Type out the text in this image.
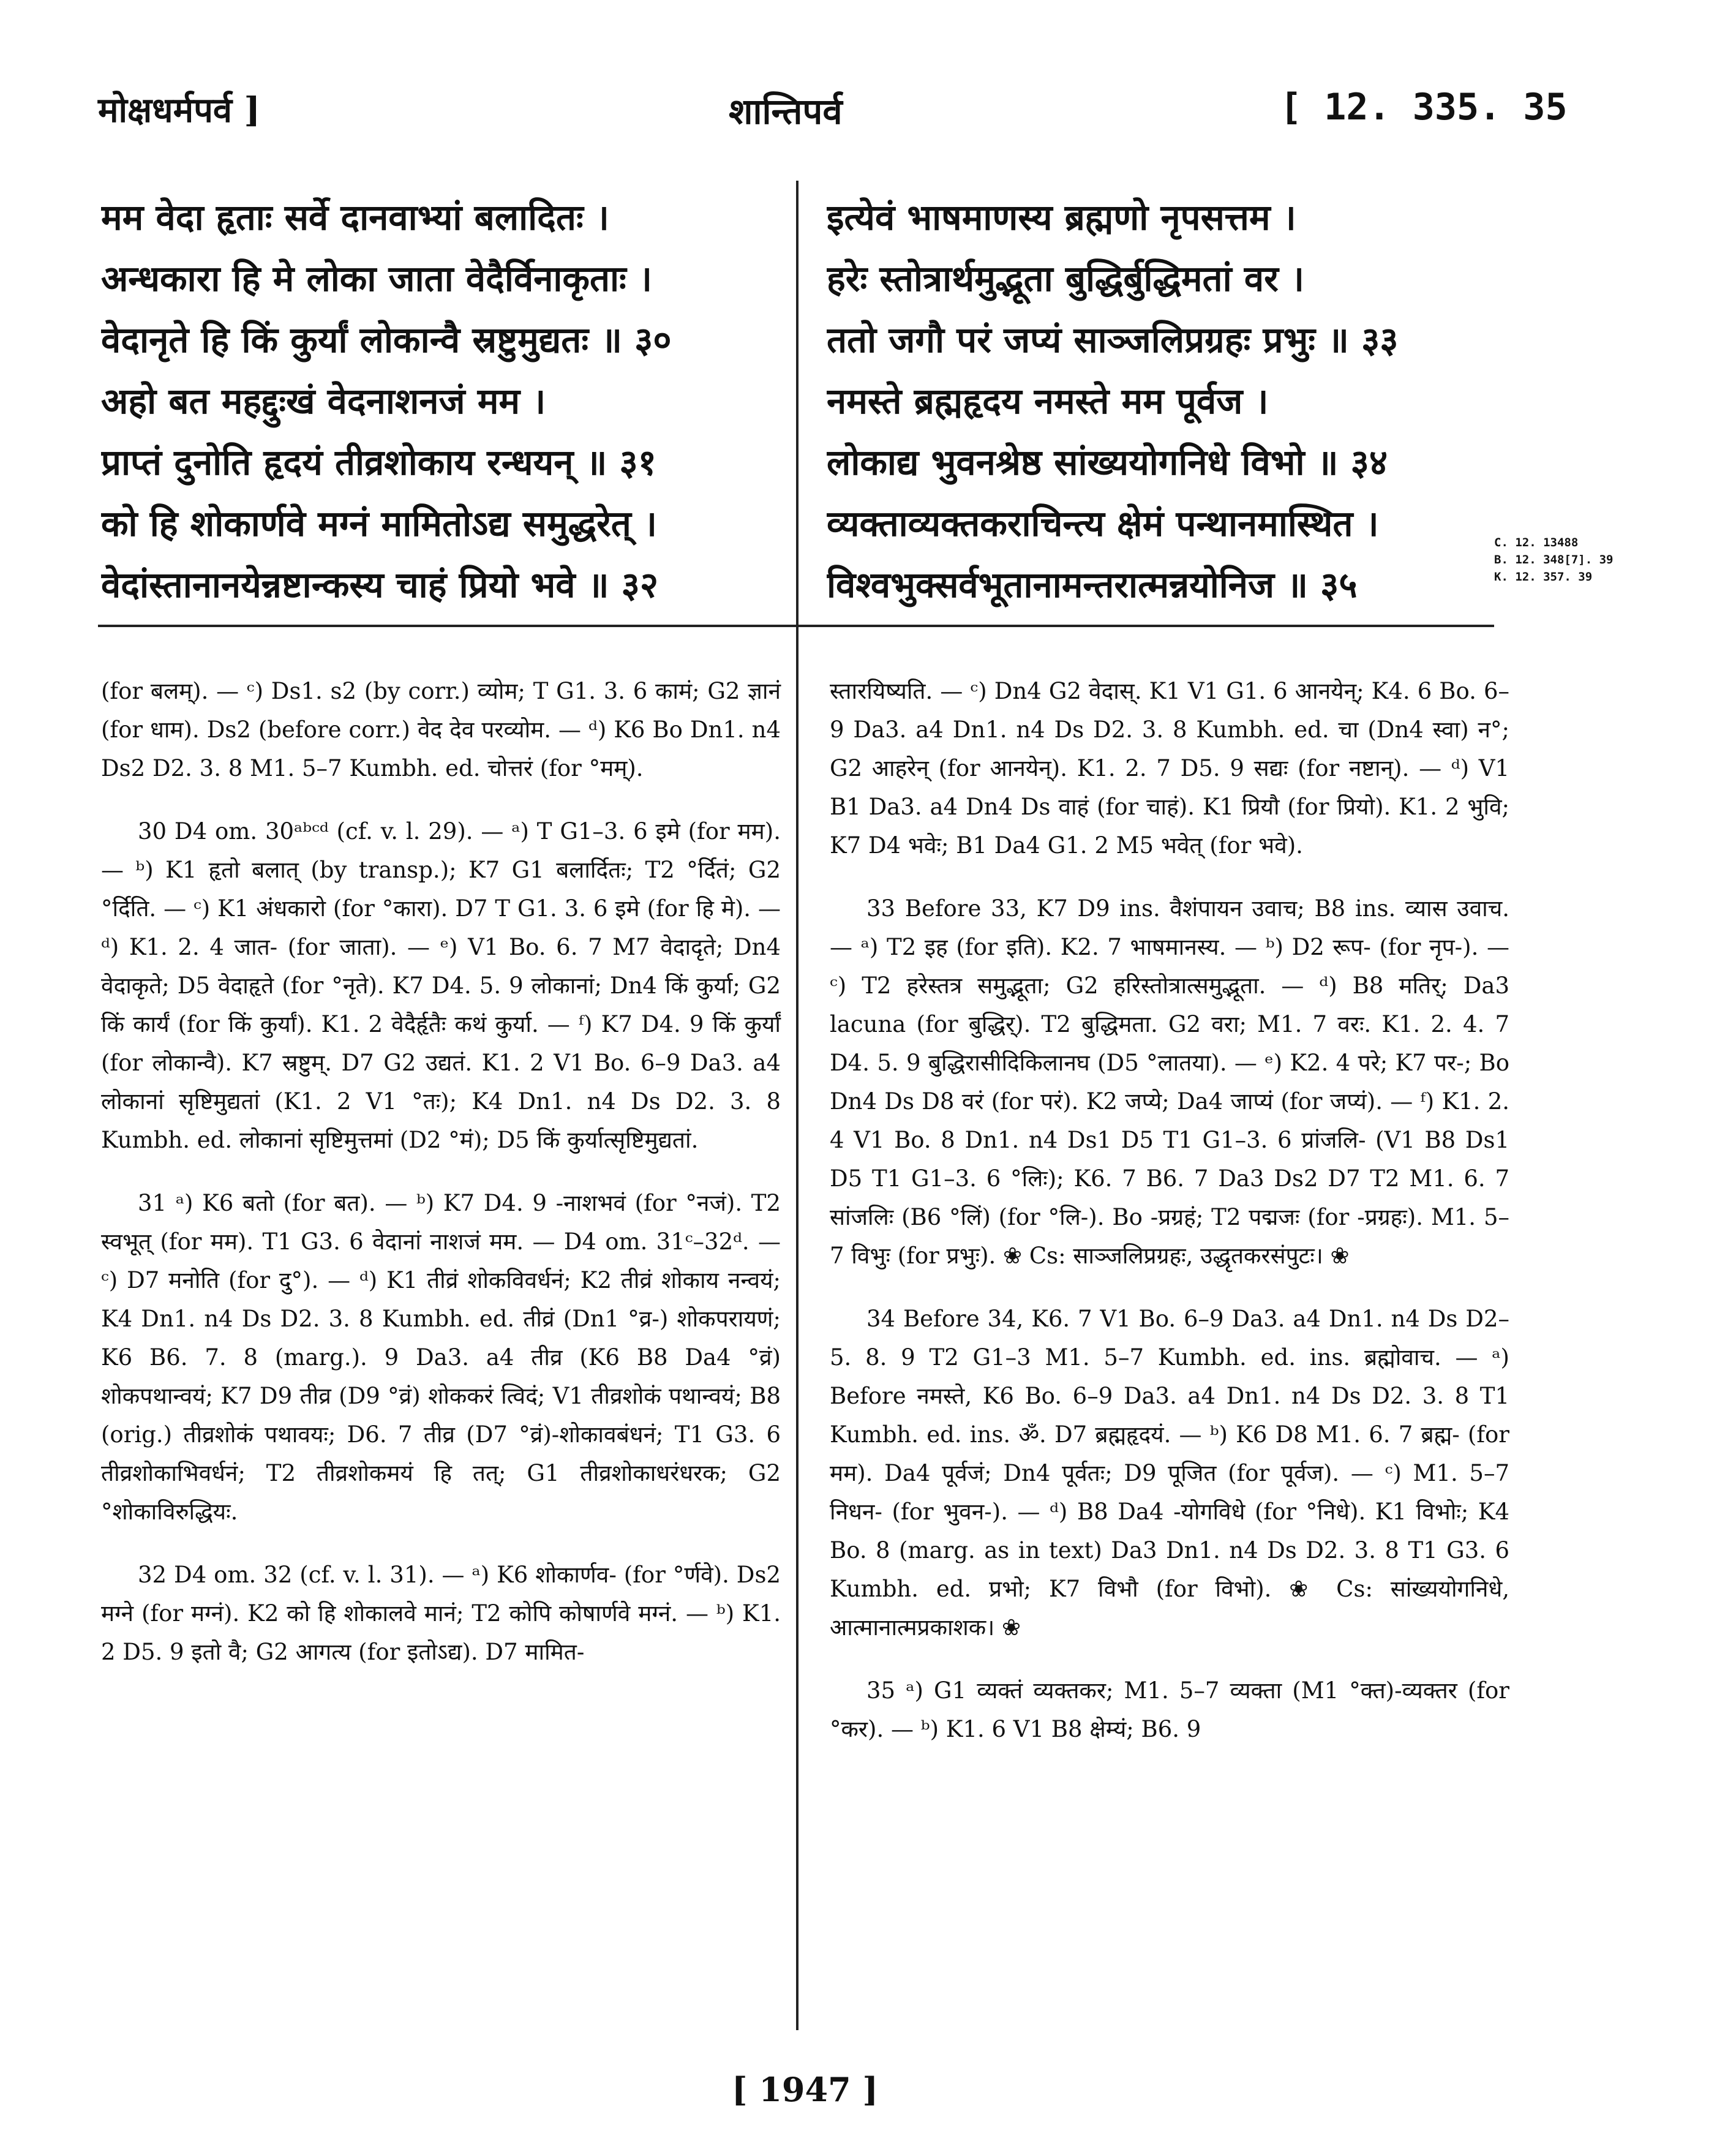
मोक्षधर्मपर्व ]	शान्तिपर्व	[ 12. 335. 35
मम वेदा हृताः सर्वे दानवाभ्यां बलादितः ।
अन्धकारा हि मे लोका जाता वेदैर्विनाकृताः ।
वेदानृते हि किं कुर्यां लोकान्वै स्रष्टुमुद्यतः ॥ ३०
अहो बत महद्दुःखं वेदनाशनजं मम ।
प्राप्तं दुनोति हृदयं तीव्रशोकाय रन्धयन् ॥ ३१
को हि शोकार्णवे मग्नं मामितोऽद्य समुद्धरेत् ।
वेदांस्तानानयेन्नष्टान्कस्य चाहं प्रियो भवे ॥ ३२
इत्येवं भाषमाणस्य ब्रह्मणो नृपसत्तम ।
हरेः स्तोत्रार्थमुद्भूता बुद्धिर्बुद्धिमतां वर ।
ततो जगौ परं जप्यं साञ्जलिप्रग्रहः प्रभुः ॥ ३३
नमस्ते ब्रह्महृदय नमस्ते मम पूर्वज ।
लोकाद्य भुवनश्रेष्ठ सांख्ययोगनिधे विभो ॥ ३४
व्यक्ताव्यक्तकराचिन्त्य क्षेमं पन्थानमास्थित ।
विश्वभुक्सर्वभूतानामन्तरात्मन्नयोनिज ॥ ३५
C. 12. 13488
B. 12. 348[7]. 39
K. 12. 357. 39

(for बलम्). — ᶜ) Ds1. s2 (by corr.) व्योम; T G1. 3. 6 कामं; G2 ज्ञानं (for धाम). Ds2 (before corr.) वेद देव परव्योम. — ᵈ) K6 Bo Dn1. n4 Ds2 D2. 3. 8 M1. 5–7 Kumbh. ed. चोत्तरं (for °मम्).

30 D4 om. 30ᵃᵇᶜᵈ (cf. v. l. 29). — ᵃ) T G1–3. 6 इमे (for मम). — ᵇ) K1 हृतो बलात् (by transp.); K7 G1 बलार्दितः; T2 °र्दितं; G2 °र्दिति. — ᶜ) K1 अंधकारो (for °कारा). D7 T G1. 3. 6 इमे (for हि मे). — ᵈ) K1. 2. 4 जात- (for जाता). — ᵉ) V1 Bo. 6. 7 M7 वेदादृते; Dn4 वेदाकृते; D5 वेदाहृते (for °नृते). K7 D4. 5. 9 लोकानां; Dn4 किं कुर्या; G2 किं कार्यं (for किं कुर्यां). K1. 2 वेदैर्हृतैः कथं कुर्या. — ᶠ) K7 D4. 9 किं कुर्यां (for लोकान्वै). K7 स्रष्टुम्. D7 G2 उद्यतं. K1. 2 V1 Bo. 6–9 Da3. a4 लोकानां सृष्टिमुद्यतां (K1. 2 V1 °तः); K4 Dn1. n4 Ds D2. 3. 8 Kumbh. ed. लोकानां सृष्टिमुत्तमां (D2 °मं); D5 किं कुर्यात्सृष्टिमुद्यतां.

31 ᵃ) K6 बतो (for बत). — ᵇ) K7 D4. 9 -नाशभवं (for °नजं). T2 स्वभूत् (for मम). T1 G3. 6 वेदानां नाशजं मम. — D4 om. 31ᶜ–32ᵈ. — ᶜ) D7 मनोति (for दु°). — ᵈ) K1 तीव्रं शोकविवर्धनं; K2 तीव्रं शोकाय नन्वयं; K4 Dn1. n4 Ds D2. 3. 8 Kumbh. ed. तीव्रं (Dn1 °व्र-) शोकपरायणं; K6 B6. 7. 8 (marg.). 9 Da3. a4 तीव्र (K6 B8 Da4 °व्रं) शोकपथान्वयं; K7 D9 तीव्र (D9 °व्रं) शोककरं त्विदं; V1 तीव्रशोकं पथान्वयं; B8 (orig.) तीव्रशोकं पथावयः; D6. 7 तीव्र (D7 °व्रं)-शोकावबंधनं; T1 G3. 6 तीव्रशोकाभिवर्धनं; T2 तीव्रशोकमयं हि तत्; G1 तीव्रशोकाधरंधरक; G2 °शोकाविरुद्धियः.

32 D4 om. 32 (cf. v. l. 31). — ᵃ) K6 शोकार्णव- (for °र्णवे). Ds2 मग्ने (for मग्नं). K2 को हि शोकालवे मानं; T2 कोपि कोषार्णवे मग्नं. — ᵇ) K1. 2 D5. 9 इतो वै; G2 आगत्य (for इतोऽद्य). D7 मामित-

स्तारयिष्यति. — ᶜ) Dn4 G2 वेदास्. K1 V1 G1. 6 आनयेन्; K4. 6 Bo. 6–9 Da3. a4 Dn1. n4 Ds D2. 3. 8 Kumbh. ed. चा (Dn4 स्वा) न°; G2 आहरेन् (for आनयेन्). K1. 2. 7 D5. 9 सद्यः (for नष्टान्). — ᵈ) V1 B1 Da3. a4 Dn4 Ds वाहं (for चाहं). K1 प्रियौ (for प्रियो). K1. 2 भुवि; K7 D4 भवेः; B1 Da4 G1. 2 M5 भवेत् (for भवे).

33 Before 33, K7 D9 ins. वैशंपायन उवाच; B8 ins. व्यास उवाच. — ᵃ) T2 इह (for इति). K2. 7 भाषमानस्य. — ᵇ) D2 रूप- (for नृप-). — ᶜ) T2 हरेस्तत्र समुद्भूता; G2 हरिस्तोत्रात्समुद्भूता. — ᵈ) B8 मतिर्; Da3 lacuna (for बुद्धिर्). T2 बुद्धिमता. G2 वरा; M1. 7 वरः. K1. 2. 4. 7 D4. 5. 9 बुद्धिरासीदिकिलानघ (D5 °लातया). — ᵉ) K2. 4 परे; K7 पर-; Bo Dn4 Ds D8 वरं (for परं). K2 जप्ये; Da4 जाप्यं (for जप्यं). — ᶠ) K1. 2. 4 V1 Bo. 8 Dn1. n4 Ds1 D5 T1 G1–3. 6 प्रांजलि- (V1 B8 Ds1 D5 T1 G1–3. 6 °लिः); K6. 7 B6. 7 Da3 Ds2 D7 T2 M1. 6. 7 सांजलिः (B6 °लिं) (for °लि-). Bo -प्रग्रहं; T2 पद्मजः (for -प्रग्रहः). M1. 5–7 विभुः (for प्रभुः). ❀ Cs: साञ्जलिप्रग्रहः, उद्धृतकरसंपुटः। ❀

34 Before 34, K6. 7 V1 Bo. 6–9 Da3. a4 Dn1. n4 Ds D2–5. 8. 9 T2 G1–3 M1. 5–7 Kumbh. ed. ins. ब्रह्मोवाच. — ᵃ) Before नमस्ते, K6 Bo. 6–9 Da3. a4 Dn1. n4 Ds D2. 3. 8 T1 Kumbh. ed. ins. ॐ. D7 ब्रह्महृदयं. — ᵇ) K6 D8 M1. 6. 7 ब्रह्म- (for मम). Da4 पूर्वजं; Dn4 पूर्वतः; D9 पूजित (for पूर्वज). — ᶜ) M1. 5–7 निधन- (for भुवन-). — ᵈ) B8 Da4 -योगविधे (for °निधे). K1 विभोः; K4 Bo. 8 (marg. as in text) Da3 Dn1. n4 Ds D2. 3. 8 T1 G3. 6 Kumbh. ed. प्रभो; K7 विभौ (for विभो). ❀ Cs: सांख्ययोगनिधे, आत्मानात्मप्रकाशक। ❀

35 ᵃ) G1 व्यक्तं व्यक्तकर; M1. 5–7 व्यक्ता (M1 °क्त)-व्यक्तर (for °कर). — ᵇ) K1. 6 V1 B8 क्षेम्यं; B6. 9

[ 1947 ]
